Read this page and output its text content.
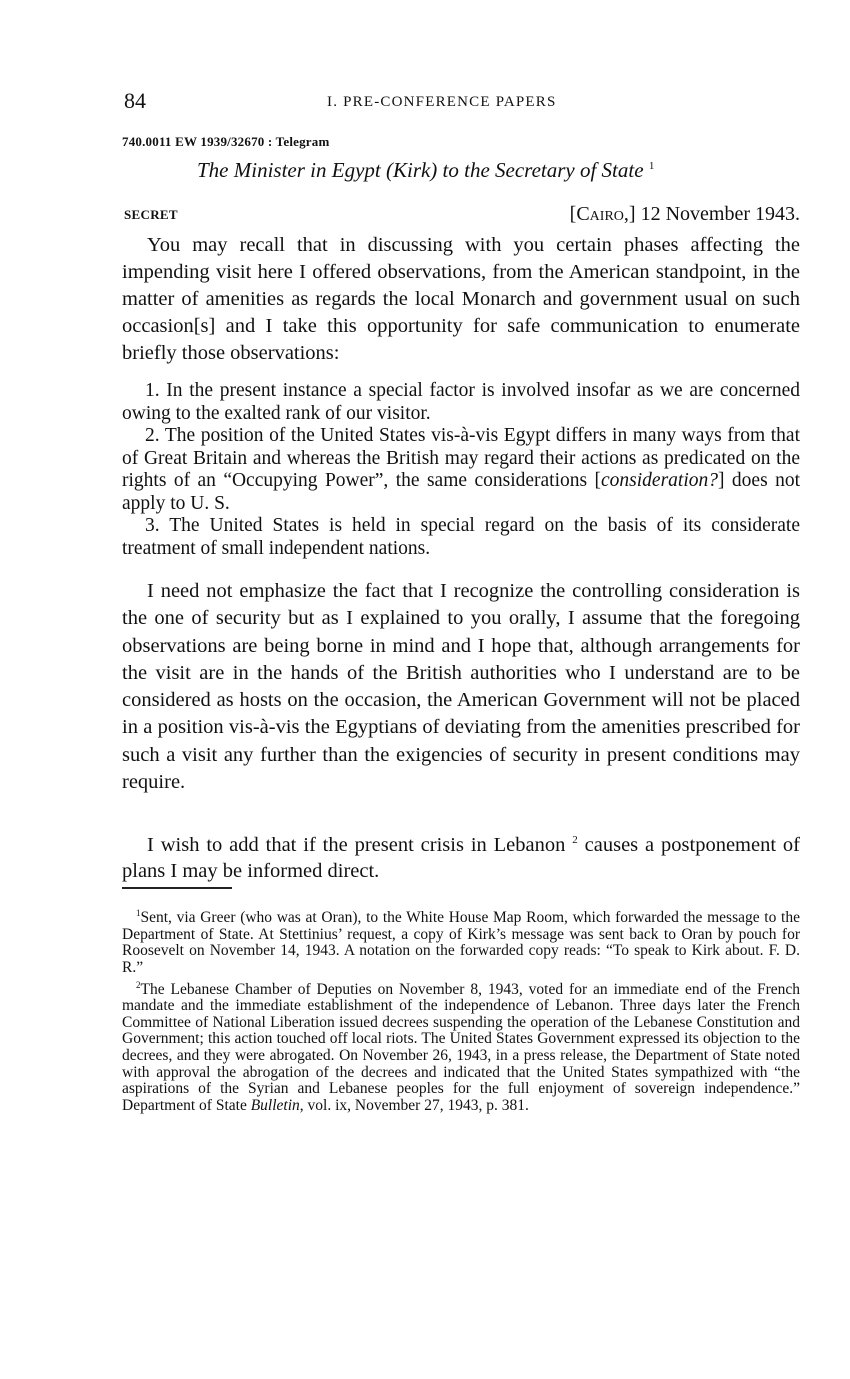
84	I. PRE-CONFERENCE PAPERS
740.0011 EW 1939/32670 : Telegram
The Minister in Egypt (Kirk) to the Secretary of State $^1$
SECRET	[Cairo,] 12 November 1943.

You may recall that in discussing with you certain phases affecting the impending visit here I offered observations, from the American standpoint, in the matter of amenities as regards the local Monarch and government usual on such occasion[s] and I take this opportunity for safe communication to enumerate briefly those observations:

1. In the present instance a special factor is involved insofar as we are concerned owing to the exalted rank of our visitor.

2. The position of the United States vis-à-vis Egypt differs in many ways from that of Great Britain and whereas the British may regard their actions as predicated on the rights of an “Occupying Power”, the same considerations [consideration?] does not apply to U. S.

3. The United States is held in special regard on the basis of its considerate treatment of small independent nations.

I need not emphasize the fact that I recognize the controlling consideration is the one of security but as I explained to you orally, I assume that the foregoing observations are being borne in mind and I hope that, although arrangements for the visit are in the hands of the British authorities who I understand are to be considered as hosts on the occasion, the American Government will not be placed in a position vis-à-vis the Egyptians of deviating from the amenities prescribed for such a visit any further than the exigencies of security in present conditions may require.

I wish to add that if the present crisis in Lebanon $^2$ causes a postponement of plans I may be informed direct.

$^1$Sent, via Greer (who was at Oran), to the White House Map Room, which forwarded the message to the Department of State. At Stettinius’ request, a copy of Kirk’s message was sent back to Oran by pouch for Roosevelt on November 14, 1943. A notation on the forwarded copy reads: “To speak to Kirk about. F. D. R.”

$^2$The Lebanese Chamber of Deputies on November 8, 1943, voted for an immediate end of the French mandate and the immediate establishment of the independence of Lebanon. Three days later the French Committee of National Liberation issued decrees suspending the operation of the Lebanese Constitution and Government; this action touched off local riots. The United States Government expressed its objection to the decrees, and they were abrogated. On November 26, 1943, in a press release, the Department of State noted with approval the abrogation of the decrees and indicated that the United States sympathized with “the aspirations of the Syrian and Lebanese peoples for the full enjoyment of sovereign independence.” Department of State Bulletin, vol. ix, November 27, 1943, p. 381.
